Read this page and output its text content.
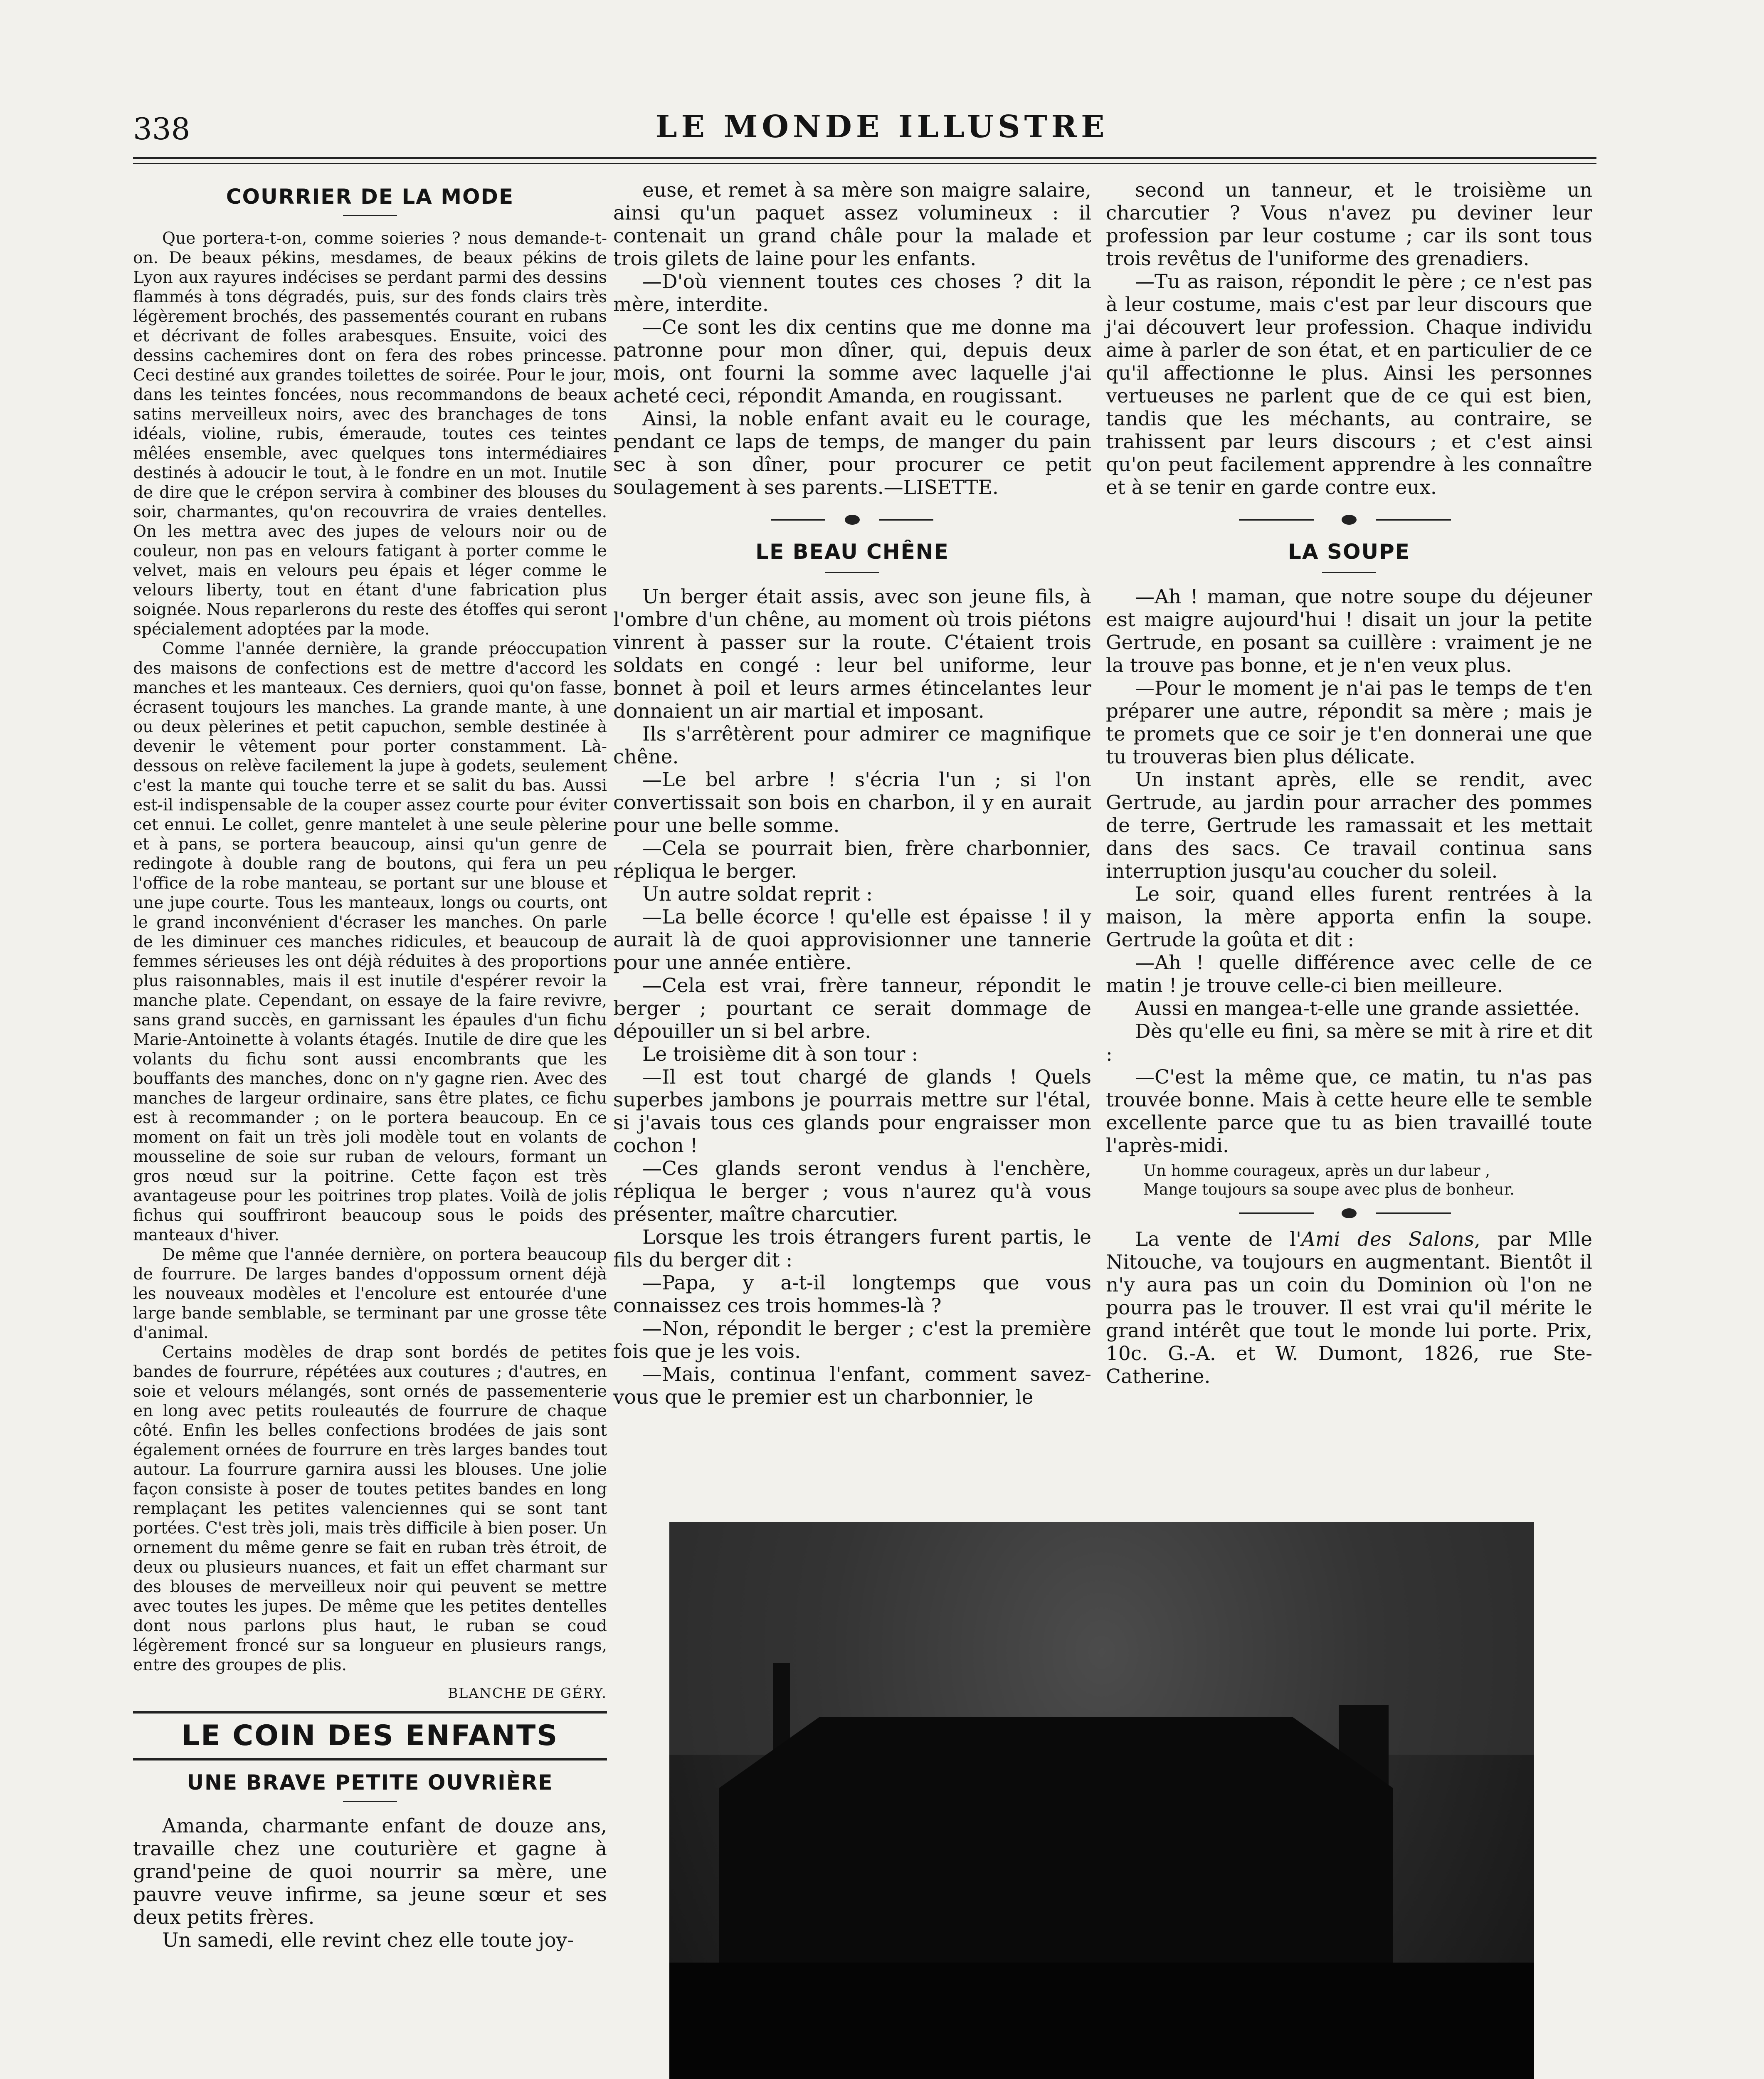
338	LE MONDE ILLUSTRE
COURRIER DE LA MODE

Que portera-t-on, comme soieries ? nous demande-t-on. De beaux pékins, mesdames, de beaux pékins de Lyon aux rayures indécises se perdant parmi des dessins flammés à tons dégradés, puis, sur des fonds clairs très légèrement brochés, des passementés courant en rubans et décrivant de folles arabesques. Ensuite, voici des dessins cachemires dont on fera des robes princesse. Ceci destiné aux grandes toilettes de soirée. Pour le jour, dans les teintes foncées, nous recommandons de beaux satins merveilleux noirs, avec des branchages de tons idéals, violine, rubis, émeraude, toutes ces teintes mêlées ensemble, avec quelques tons intermédiaires destinés à adoucir le tout, à le fondre en un mot. Inutile de dire que le crépon servira à combiner des blouses du soir, charmantes, qu'on recouvrira de vraies dentelles. On les mettra avec des jupes de velours noir ou de couleur, non pas en velours fatigant à porter comme le velvet, mais en velours peu épais et léger comme le velours liberty, tout en étant d'une fabrication plus soignée. Nous reparlerons du reste des étoffes qui seront spécialement adoptées par la mode.

Comme l'année dernière, la grande préoccupation des maisons de confections est de mettre d'accord les manches et les manteaux. Ces derniers, quoi qu'on fasse, écrasent toujours les manches. La grande mante, à une ou deux pèlerines et petit capuchon, semble destinée à devenir le vêtement pour porter constamment. Là-dessous on relève facilement la jupe à godets, seulement c'est la mante qui touche terre et se salit du bas. Aussi est-il indispensable de la couper assez courte pour éviter cet ennui. Le collet, genre mantelet à une seule pèlerine et à pans, se portera beaucoup, ainsi qu'un genre de redingote à double rang de boutons, qui fera un peu l'office de la robe manteau, se portant sur une blouse et une jupe courte. Tous les manteaux, longs ou courts, ont le grand inconvénient d'écraser les manches. On parle de les diminuer ces manches ridicules, et beaucoup de femmes sérieuses les ont déjà réduites à des proportions plus raisonnables, mais il est inutile d'espérer revoir la manche plate. Cependant, on essaye de la faire revivre, sans grand succès, en garnissant les épaules d'un fichu Marie-Antoinette à volants étagés. Inutile de dire que les volants du fichu sont aussi encombrants que les bouffants des manches, donc on n'y gagne rien. Avec des manches de largeur ordinaire, sans être plates, ce fichu est à recommander ; on le portera beaucoup. En ce moment on fait un très joli modèle tout en volants de mousseline de soie sur ruban de velours, formant un gros nœud sur la poitrine. Cette façon est très avantageuse pour les poitrines trop plates. Voilà de jolis fichus qui souffriront beaucoup sous le poids des manteaux d'hiver.

De même que l'année dernière, on portera beaucoup de fourrure. De larges bandes d'oppossum ornent déjà les nouveaux modèles et l'encolure est entourée d'une large bande semblable, se terminant par une grosse tête d'animal.

Certains modèles de drap sont bordés de petites bandes de fourrure, répétées aux coutures ; d'autres, en soie et velours mélangés, sont ornés de passementerie en long avec petits rouleautés de fourrure de chaque côté. Enfin les belles confections brodées de jais sont également ornées de fourrure en très larges bandes tout autour. La fourrure garnira aussi les blouses. Une jolie façon consiste à poser de toutes petites bandes en long remplaçant les petites valenciennes qui se sont tant portées. C'est très joli, mais très difficile à bien poser. Un ornement du même genre se fait en ruban très étroit, de deux ou plusieurs nuances, et fait un effet charmant sur des blouses de merveilleux noir qui peuvent se mettre avec toutes les jupes. De même que les petites dentelles dont nous parlons plus haut, le ruban se coud légèrement froncé sur sa longueur en plusieurs rangs, entre des groupes de plis.

BLANCHE DE GÉRY.
LE COIN DES ENFANTS
UNE BRAVE PETITE OUVRIÈRE

Amanda, charmante enfant de douze ans, travaille chez une couturière et gagne à grand'peine de quoi nourrir sa mère, une pauvre veuve infirme, sa jeune sœur et ses deux petits frères.

Un samedi, elle revint chez elle toute joy-

euse, et remet à sa mère son maigre salaire, ainsi qu'un paquet assez volumineux : il contenait un grand châle pour la malade et trois gilets de laine pour les enfants.

—D'où viennent toutes ces choses ? dit la mère, interdite.

—Ce sont les dix centins que me donne ma patronne pour mon dîner, qui, depuis deux mois, ont fourni la somme avec laquelle j'ai acheté ceci, répondit Amanda, en rougissant.

Ainsi, la noble enfant avait eu le courage, pendant ce laps de temps, de manger du pain sec à son dîner, pour procurer ce petit soulagement à ses parents.—LISETTE.

LE BEAU CHÊNE

Un berger était assis, avec son jeune fils, à l'ombre d'un chêne, au moment où trois piétons vinrent à passer sur la route. C'étaient trois soldats en congé : leur bel uniforme, leur bonnet à poil et leurs armes étincelantes leur donnaient un air martial et imposant.

Ils s'arrêtèrent pour admirer ce magnifique chêne.

—Le bel arbre ! s'écria l'un ; si l'on convertissait son bois en charbon, il y en aurait pour une belle somme.

—Cela se pourrait bien, frère charbonnier, répliqua le berger.

Un autre soldat reprit :

—La belle écorce ! qu'elle est épaisse ! il y aurait là de quoi approvisionner une tannerie pour une année entière.

—Cela est vrai, frère tanneur, répondit le berger ; pourtant ce serait dommage de dépouiller un si bel arbre.

Le troisième dit à son tour :

—Il est tout chargé de glands ! Quels superbes jambons je pourrais mettre sur l'étal, si j'avais tous ces glands pour engraisser mon cochon !

—Ces glands seront vendus à l'enchère, répliqua le berger ; vous n'aurez qu'à vous présenter, maître charcutier.

Lorsque les trois étrangers furent partis, le fils du berger dit :

—Papa, y a-t-il longtemps que vous connaissez ces trois hommes-là ?

—Non, répondit le berger ; c'est la première fois que je les vois.

—Mais, continua l'enfant, comment savez-vous que le premier est un charbonnier, le

second un tanneur, et le troisième un charcutier ? Vous n'avez pu deviner leur profession par leur costume ; car ils sont tous trois revêtus de l'uniforme des grenadiers.

—Tu as raison, répondit le père ; ce n'est pas à leur costume, mais c'est par leur discours que j'ai découvert leur profession. Chaque individu aime à parler de son état, et en particulier de ce qu'il affectionne le plus. Ainsi les personnes vertueuses ne parlent que de ce qui est bien, tandis que les méchants, au contraire, se trahissent par leurs discours ; et c'est ainsi qu'on peut facilement apprendre à les connaître et à se tenir en garde contre eux.

LA SOUPE

—Ah ! maman, que notre soupe du déjeuner est maigre aujourd'hui ! disait un jour la petite Gertrude, en posant sa cuillère : vraiment je ne la trouve pas bonne, et je n'en veux plus.

—Pour le moment je n'ai pas le temps de t'en préparer une autre, répondit sa mère ; mais je te promets que ce soir je t'en donnerai une que tu trouveras bien plus délicate.

Un instant après, elle se rendit, avec Gertrude, au jardin pour arracher des pommes de terre, Gertrude les ramassait et les mettait dans des sacs. Ce travail continua sans interruption jusqu'au coucher du soleil.

Le soir, quand elles furent rentrées à la maison, la mère apporta enfin la soupe. Gertrude la goûta et dit :

—Ah ! quelle différence avec celle de ce matin ! je trouve celle-ci bien meilleure.

Aussi en mangea-t-elle une grande assiettée.

Dès qu'elle eu fini, sa mère se mit à rire et dit :

—C'est la même que, ce matin, tu n'as pas trouvée bonne. Mais à cette heure elle te semble excellente parce que tu as bien travaillé toute l'après-midi.

Un homme courageux, après un dur labeur ,

Mange toujours sa soupe avec plus de bonheur.

La vente de l'Ami des Salons, par Mlle Nitouche, va toujours en augmentant. Bientôt il n'y aura pas un coin du Dominion où l'on ne pourra pas le trouver. Il est vrai qu'il mérite le grand intérêt que tout le monde lui porte. Prix, 10c. G.-A. et W. Dumont, 1826, rue Ste-Catherine.
